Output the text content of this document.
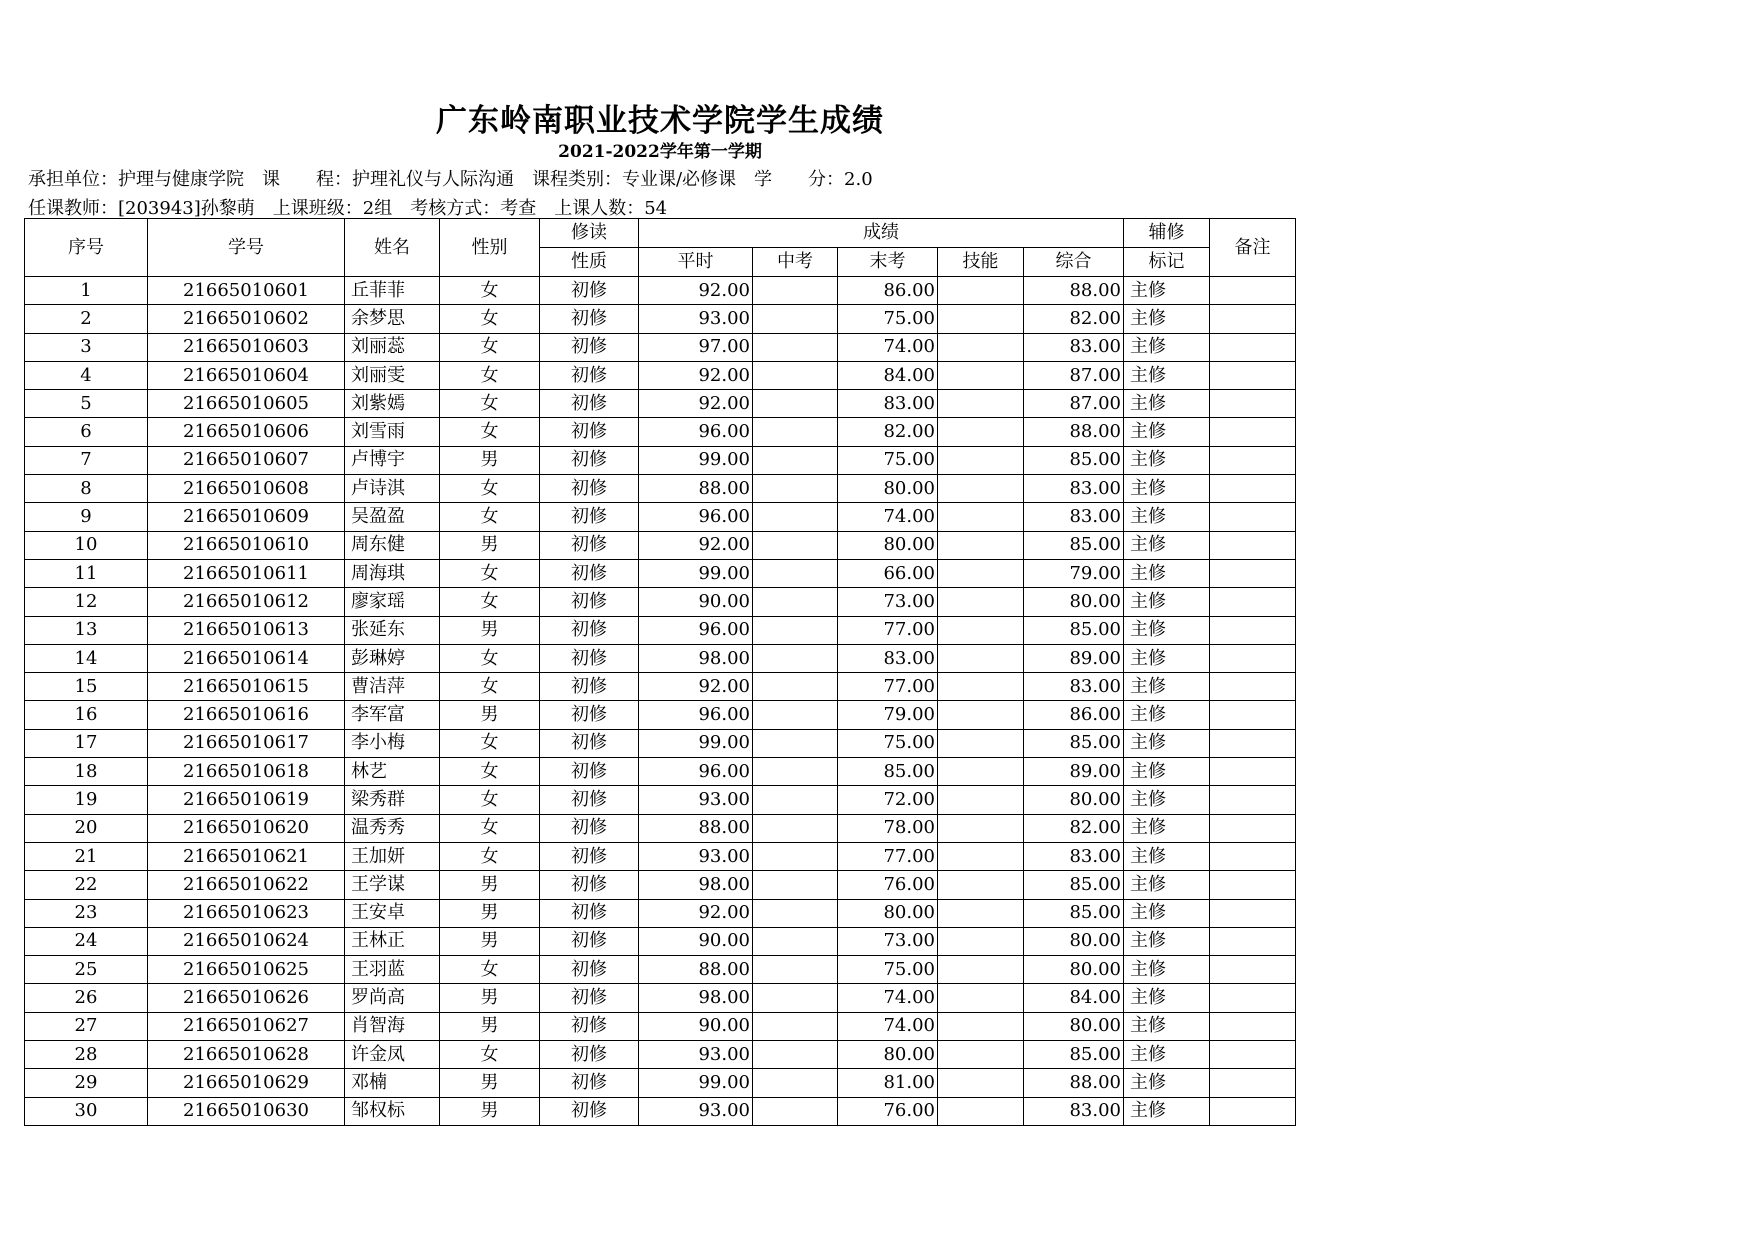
广东岭南职业技术学院学生成绩
2021-2022学年第一学期
承担单位：护理与健康学院　课　　程：护理礼仪与人际沟通　课程类别：专业课/必修课　学　　分：2.0
任课教师：[203943]孙黎萌　上课班级：2组　考核方式：考查　上课人数：54
序号	学号	姓名	性别	修读	成绩					辅修	备注
				性质	平时	中考	末考	技能	综合	标记	
1	21665010601	丘菲菲	女	初修	92.00		86.00		88.00	主修	
2	21665010602	余梦思	女	初修	93.00		75.00		82.00	主修	
3	21665010603	刘丽蕊	女	初修	97.00		74.00		83.00	主修	
4	21665010604	刘丽雯	女	初修	92.00		84.00		87.00	主修	
5	21665010605	刘紫嫣	女	初修	92.00		83.00		87.00	主修	
6	21665010606	刘雪雨	女	初修	96.00		82.00		88.00	主修	
7	21665010607	卢博宇	男	初修	99.00		75.00		85.00	主修	
8	21665010608	卢诗淇	女	初修	88.00		80.00		83.00	主修	
9	21665010609	吴盈盈	女	初修	96.00		74.00		83.00	主修	
10	21665010610	周东健	男	初修	92.00		80.00		85.00	主修	
11	21665010611	周海琪	女	初修	99.00		66.00		79.00	主修	
12	21665010612	廖家瑶	女	初修	90.00		73.00		80.00	主修	
13	21665010613	张延东	男	初修	96.00		77.00		85.00	主修	
14	21665010614	彭琳婷	女	初修	98.00		83.00		89.00	主修	
15	21665010615	曹洁萍	女	初修	92.00		77.00		83.00	主修	
16	21665010616	李军富	男	初修	96.00		79.00		86.00	主修	
17	21665010617	李小梅	女	初修	99.00		75.00		85.00	主修	
18	21665010618	林艺	女	初修	96.00		85.00		89.00	主修	
19	21665010619	梁秀群	女	初修	93.00		72.00		80.00	主修	
20	21665010620	温秀秀	女	初修	88.00		78.00		82.00	主修	
21	21665010621	王加妍	女	初修	93.00		77.00		83.00	主修	
22	21665010622	王学谋	男	初修	98.00		76.00		85.00	主修	
23	21665010623	王安卓	男	初修	92.00		80.00		85.00	主修	
24	21665010624	王林正	男	初修	90.00		73.00		80.00	主修	
25	21665010625	王羽蓝	女	初修	88.00		75.00		80.00	主修	
26	21665010626	罗尚高	男	初修	98.00		74.00		84.00	主修	
27	21665010627	肖智海	男	初修	90.00		74.00		80.00	主修	
28	21665010628	许金凤	女	初修	93.00		80.00		85.00	主修	
29	21665010629	邓楠	男	初修	99.00		81.00		88.00	主修	
30	21665010630	邹权标	男	初修	93.00		76.00		83.00	主修	
